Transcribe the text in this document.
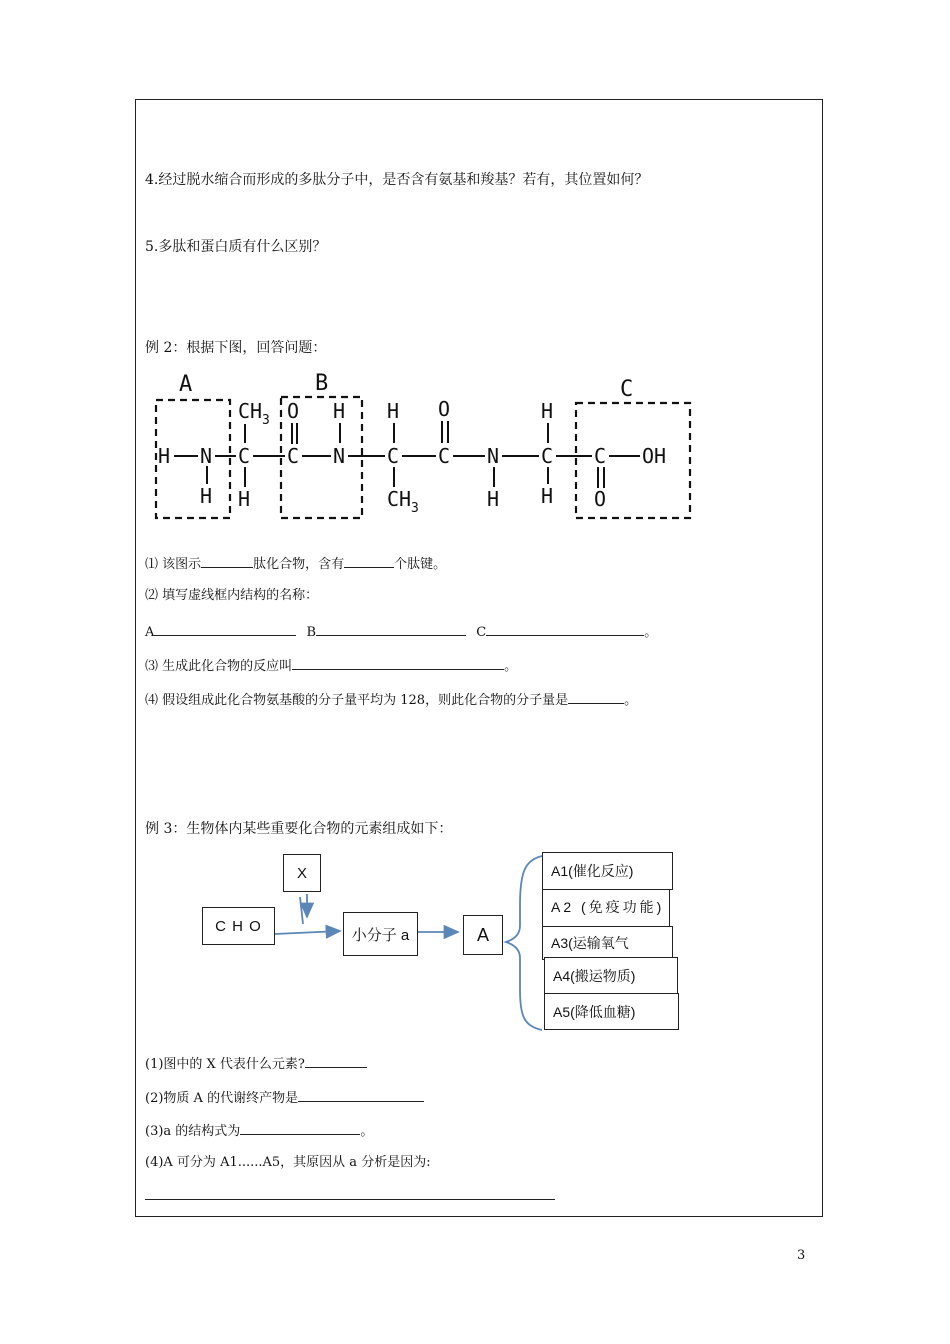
4.经过脱水缩合而形成的多肽分子中，是否含有氨基和羧基？若有，其位置如何？
5.多肽和蛋白质有什么区别？
例 2：根据下图，回答问题：
A	B	C
H N
H
C
CH 3
H
C
O
N
H
C
H
CH 3
C
O
N
H
C
H
H
C
O
OH
⑴ 该图示	肽化合物，含有	个肽键。
⑵ 填写虚线框内结构的名称：
A	B	C	。
⑶ 生成此化合物的反应叫	。
⑷ 假设组成此化合物氨基酸的分子量平均为 128，则此化合物的分子量是	。
例 3：生物体内某些重要化合物的元素组成如下：
X
C H O
小分子 a	A
A1(催化反应)
A2 (免疫功能)
A3(运输氧气
A4(搬运物质)
A5(降低血糖)
(1)图中的 X 代表什么元素?
(2)物质 A 的代谢终产物是
(3)a 的结构式为	。
(4)A 可分为 A1......A5，其原因从 a 分析是因为:
3
